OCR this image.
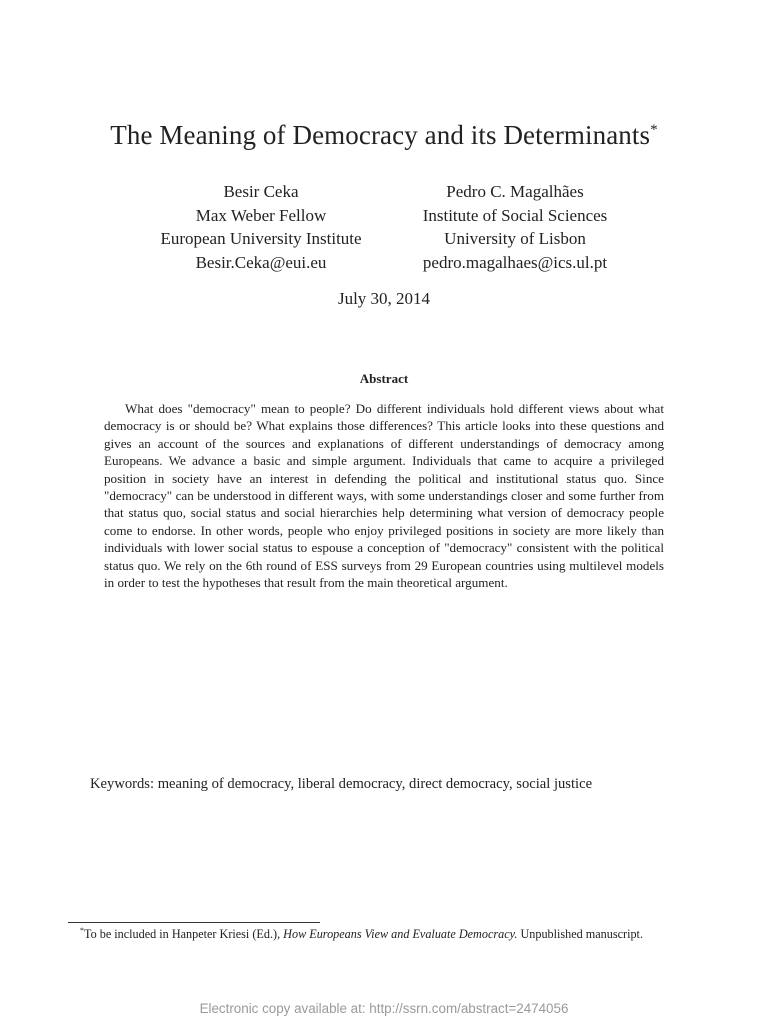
The Meaning of Democracy and its Determinants*
Besir Ceka
Max Weber Fellow
European University Institute
Besir.Ceka@eui.eu
Pedro C. Magalhães
Institute of Social Sciences
University of Lisbon
pedro.magalhaes@ics.ul.pt
July 30, 2014
Abstract
What does "democracy" mean to people? Do different individuals hold different views about what democracy is or should be? What explains those differences? This article looks into these questions and gives an account of the sources and explanations of different understandings of democracy among Europeans. We advance a basic and simple argument. Individuals that came to acquire a privileged position in society have an interest in defending the political and institutional status quo. Since "democracy" can be understood in different ways, with some understandings closer and some further from that status quo, social status and social hierarchies help determining what version of democracy people come to endorse. In other words, people who enjoy privileged positions in society are more likely than individuals with lower social status to espouse a conception of "democracy" consistent with the political status quo. We rely on the 6th round of ESS surveys from 29 European countries using multilevel models in order to test the hypotheses that result from the main theoretical argument.
Keywords: meaning of democracy, liberal democracy, direct democracy, social justice
*To be included in Hanpeter Kriesi (Ed.), How Europeans View and Evaluate Democracy. Unpublished manuscript.
Electronic copy available at: http://ssrn.com/abstract=2474056
